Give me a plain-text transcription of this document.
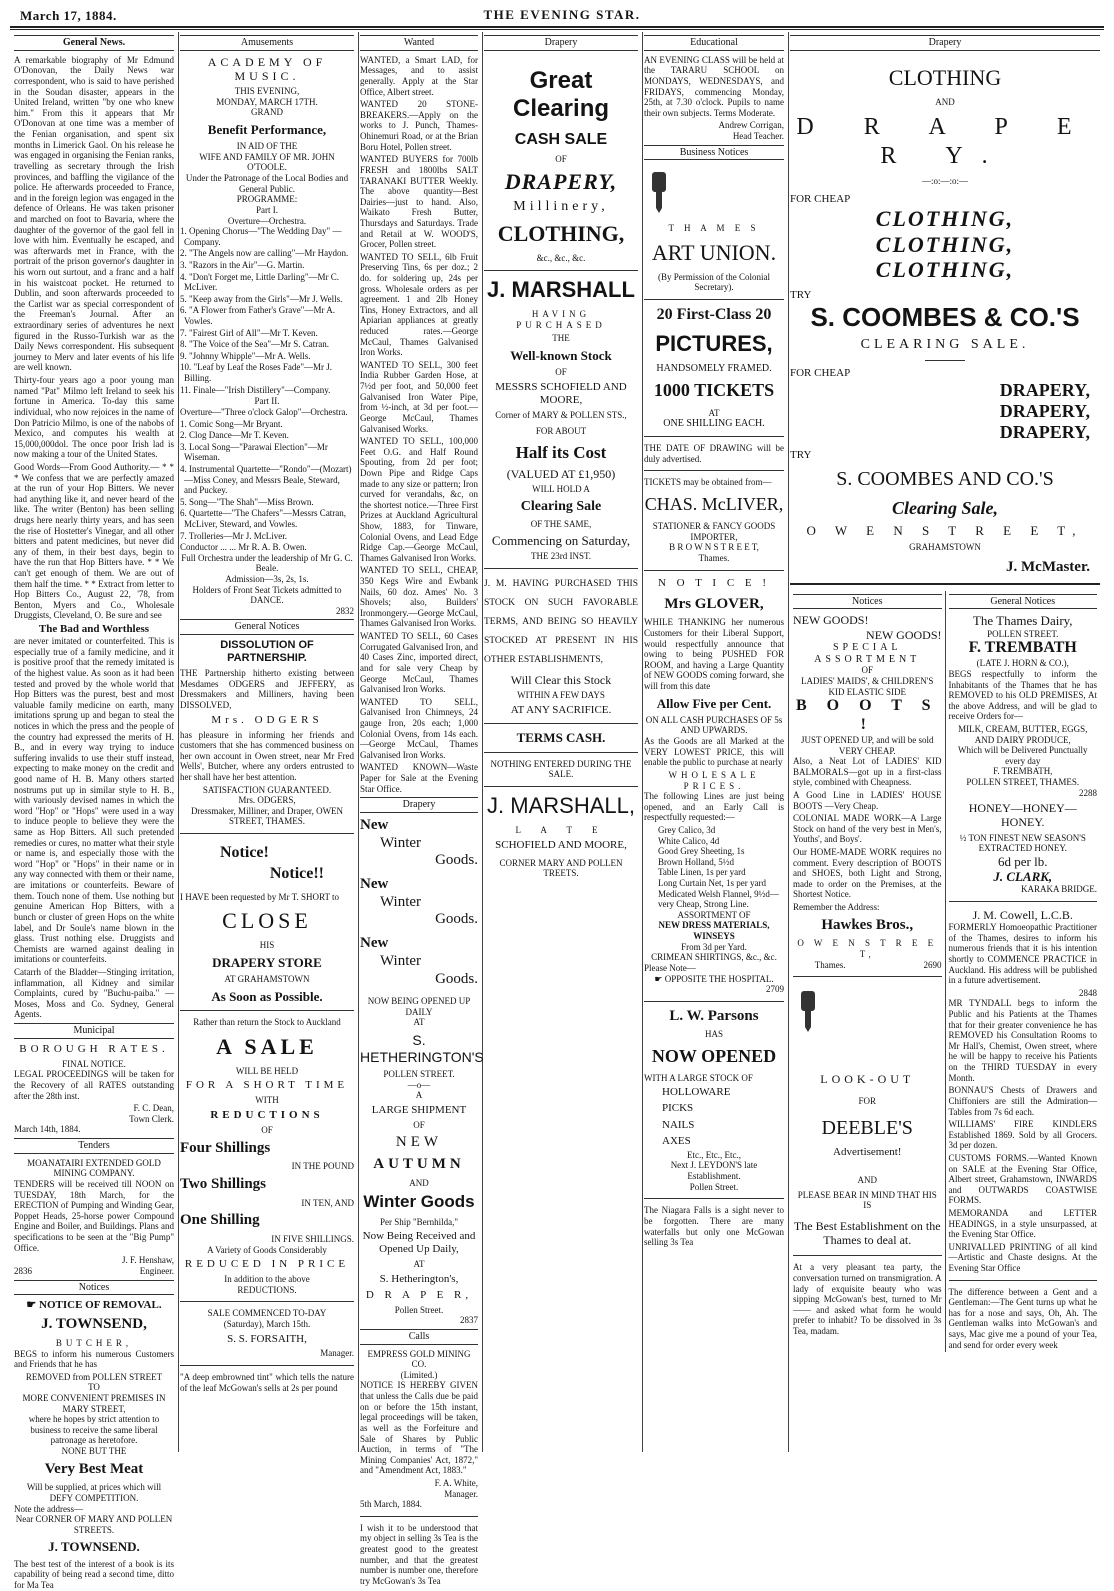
March 17, 1884.	THE EVENING STAR.
General News.

A remarkable biography of Mr Edmund O'Donovan, the Daily News war correspondent, who is said to have perished in the Soudan disaster, appears in the United Ireland, written "by one who knew him." From this it appears that Mr O'Donovan at one time was a member of the Fenian organisation, and spent six months in Limerick Gaol. On his release he was engaged in organising the Fenian ranks, travelling as secretary through the Irish provinces, and baffling the vigilance of the police. He afterwards proceeded to France, and in the foreign legion was engaged in the defence of Orleans. He was taken prisoner and marched on foot to Bavaria, where the daughter of the governor of the gaol fell in love with him. Eventually he escaped, and was afterwards met in France, with the portrait of the prison governor's daughter in his worn out surtout, and a franc and a half in his waistcoat pocket. He returned to Dublin, and soon afterwards proceeded to the Carlist war as special correspondent of the Freeman's Journal. After an extraordinary series of adventures he next figured in the Russo-Turkish war as the Daily News correspondent. His subsequent journey to Merv and later events of his life are well known.

Thirty-four years ago a poor young man named "Pat" Milmo left Ireland to seek his fortune in America. To-day this same individual, who now rejoices in the name of Don Patricio Milmo, is one of the nabobs of Mexico, and computes his wealth at 15,000,000dol. The once poor Irish lad is now making a tour of the United States.

Good Words—From Good Authority.— * * * We confess that we are perfectly amazed at the run of your Hop Bitters. We never had anything like it, and never heard of the like. The writer (Benton) has been selling drugs here nearly thirty years, and has seen the rise of Hostetter's Vinegar, and all other bitters and patent medicines, but never did any of them, in their best days, begin to have the run that Hop Bitters have. * * We can't get enough of them. We are out of them half the time. * * Extract from letter to Hop Bitters Co., August 22, '78, from Benton, Myers and Co., Wholesale Druggists, Cleveland, O. Be sure and see

The Bad and Worthless

are never imitated or counterfeited. This is especially true of a family medicine, and it is positive proof that the remedy imitated is of the highest value. As soon as it had been tested and proved by the whole world that Hop Bitters was the purest, best and most valuable family medicine on earth, many imitations sprung up and began to steal the notices in which the press and the people of the country had expressed the merits of H. B., and in every way trying to induce suffering invalids to use their stuff instead, expecting to make money on the credit and good name of H. B. Many others started nostrums put up in similar style to H. B., with variously devised names in which the word "Hop" or "Hops" were used in a way to induce people to believe they were the same as Hop Bitters. All such pretended remedies or cures, no matter what their style or name is, and especially those with the word "Hop" or "Hops" in their name or in any way connected with them or their name, are imitations or counterfeits. Beware of them. Touch none of them. Use nothing but genuine American Hop Bitters, with a bunch or cluster of green Hops on the white label, and Dr Soule's name blown in the glass. Trust nothing else. Druggists and Chemists are warned against dealing in imitations or counterfeits.

Catarrh of the Bladder—Stinging irritation, inflammation, all Kidney and similar Complaints, cured by "Buchu-paiba." —Moses, Moss and Co. Sydney, General Agents.

Municipal
BOROUGH RATES.
FINAL NOTICE.

LEGAL PROCEEDINGS will be taken for the Recovery of all RATES outstanding after the 28th inst.

F. C. Dean,
Town Clerk.
March 14th, 1884.
Tenders
MOANATAIRI EXTENDED GOLD MINING COMPANY.

TENDERS will be received till NOON on TUESDAY, 18th March, for the ERECTION of Pumping and Winding Gear, Poppet Heads, 25-horse power Compound Engine and Boiler, and Buildings. Plans and specifications to be seen at the "Big Pump" Office.

J. F. Henshaw,
2836	Engineer.
Notices
☛ NOTICE OF REMOVAL.
J. TOWNSEND,
BUTCHER,

BEGS to inform his numerous Customers and Friends that he has

REMOVED from POLLEN STREET
TO
MORE CONVENIENT PREMISES IN MARY STREET,
where he hopes by strict attention to business to receive the same liberal patronage as heretofore.
NONE BUT THE
Very Best Meat
Will be supplied, at prices which will DEFY COMPETITION.
Note the address—
Near CORNER OF MARY AND POLLEN STREETS.
J. TOWNSEND.

The best test of the interest of a book is its capability of being read a second time, ditto for Ma Tea

Amusements
ACADEMY OF MUSIC.
THIS EVENING,
MONDAY, MARCH 17TH.
GRAND
Benefit Performance,
IN AID OF THE
WIFE AND FAMILY OF MR. JOHN O'TOOLE.
Under the Patronage of the Local Bodies and General Public.
PROGRAMME:
Part I.
Overture—Orchestra.
1. Opening Chorus—"The Wedding Day" —Company.
2. "The Angels now are calling"—Mr Haydon.
3. "Razors in the Air"—G. Martin.
4. "Don't Forget me, Little Darling"—Mr C. McLiver.
5. "Keep away from the Girls"—Mr J. Wells.
6. "A Flower from Father's Grave"—Mr A. Vowles.
7. "Fairest Girl of All"—Mr T. Keven.
8. "The Voice of the Sea"—Mr S. Catran.
9. "Johnny Whipple"—Mr A. Wells.
10. "Leaf by Leaf the Roses Fade"—Mr J. Billing.
11. Finale—"Irish Distillery"—Company.
Part II.
Overture—"Three o'clock Galop"—Orchestra.
1. Comic Song—Mr Bryant.
2. Clog Dance—Mr T. Keven.
3. Local Song—"Parawai Election"—Mr Wiseman.
4. Instrumental Quartette—"Rondo"—(Mozart)—Miss Coney, and Messrs Beale, Steward, and Puckey.
5. Song—"The Shah"—Miss Brown.
6. Quartette—"The Chafers"—Messrs Catran, McLiver, Steward, and Vowles.
7. Trolleries—Mr J. McLiver.
Conductor ... ... Mr R. A. B. Owen.
Full Orchestra under the leadership of Mr G. C. Beale.
Admission—3s, 2s, 1s.
Holders of Front Seat Tickets admitted to DANCE.
2832
General Notices
DISSOLUTION OF PARTNERSHIP.

THE Partnership hitherto existing between Mesdames ODGERS and JEFFERY, as Dressmakers and Milliners, having been DISSOLVED,

Mrs. ODGERS

has pleasure in informing her friends and customers that she has commenced business on her own account in Owen street, near Mr Fred Wells', Butcher, where any orders entrusted to her shall have her best attention.

SATISFACTION GUARANTEED.
Mrs. ODGERS,
Dressmaker, Milliner, and Draper, OWEN STREET, THAMES.
Notice!
Notice!!

I HAVE been requested by Mr T. SHORT to

CLOSE
HIS
DRAPERY STORE
AT GRAHAMSTOWN
As Soon as Possible.
Rather than return the Stock to Auckland
A SALE
WILL BE HELD
FOR A SHORT TIME
WITH
REDUCTIONS
OF
Four Shillings
IN THE POUND
Two Shillings
IN TEN, AND
One Shilling
IN FIVE SHILLINGS.
A Variety of Goods Considerably
REDUCED IN PRICE
In addition to the above
REDUCTIONS.
SALE COMMENCED TO-DAY
(Saturday), March 15th.
S. S. FORSAITH,
Manager.

"A deep embrowned tint" which tells the nature of the leaf McGowan's sells at 2s per pound

Wanted

WANTED, a Smart LAD, for Messages, and to assist generally. Apply at the Star Office, Albert street.

WANTED 20 STONE-BREAKERS.—Apply on the works to J. Punch, Thames-Ohinemuri Road, or at the Brian Boru Hotel, Pollen street.

WANTED BUYERS for 700lb FRESH and 1800lbs SALT TARANAKI BUTTER Weekly. The above quantity—Best Dairies—just to hand. Also, Waikato Fresh Butter, Thursdays and Saturdays. Trade and Retail at W. WOOD'S, Grocer, Pollen street.

WANTED TO SELL, 6lb Fruit Preserving Tins, 6s per doz.; 2 do. for soldering up, 24s per gross. Wholesale orders as per agreement. 1 and 2lb Honey Tins, Honey Extractors, and all Apiarian appliances at greatly reduced rates.—George McCaul, Thames Galvanised Iron Works.

WANTED TO SELL, 300 feet India Rubber Garden Hose, at 7½d per foot, and 50,000 feet Galvanised Iron Water Pipe, from ½-inch, at 3d per foot.—George McCaul, Thames Galvanised Works.

WANTED TO SELL, 100,000 Feet O.G. and Half Round Spouting, from 2d per foot; Down Pipe and Ridge Caps made to any size or pattern; Iron curved for verandahs, &c, on the shortest notice.—Three First Prizes at Auckland Agricultural Show, 1883, for Tinware, Colonial Ovens, and Lead Edge Ridge Cap.—George McCaul, Thames Galvanised Iron Works.

WANTED TO SELL, CHEAP, 350 Kegs Wire and Ewbank Nails, 60 doz. Ames' No. 3 Shovels; also, Builders' Ironmongery.—George McCaul, Thames Galvanised Iron Works.

WANTED TO SELL, 60 Cases Corrugated Galvanised Iron, and 40 Cases Zinc, imported direct, and for sale very Cheap by George McCaul, Thames Galvanised Iron Works.

WANTED TO SELL, Galvanised Iron Chimneys, 24 gauge Iron, 20s each; 1,000 Colonial Ovens, from 14s each.—George McCaul, Thames Galvanised Iron Works.

WANTED KNOWN—Waste Paper for Sale at the Evening Star Office.

Drapery
New
Winter
Goods.
New
Winter
Goods.
New
Winter
Goods.
NOW BEING OPENED UP DAILY
AT
S. HETHERINGTON'S
POLLEN STREET.
—o—
A
LARGE SHIPMENT
OF
NEW
AUTUMN
AND
Winter Goods
Per Ship "Bernhilda,"
Now Being Received and Opened Up Daily,
AT
S. Hetherington's,
D R A P E R,
Pollen Street.
2837
Calls
EMPRESS GOLD MINING CO.
(Limited.)

NOTICE IS HEREBY GIVEN that unless the Calls due be paid on or before the 15th instant, legal proceedings will be taken, as well as the Forfeiture and Sale of Shares by Public Auction, in terms of "The Mining Companies' Act, 1872," and "Amendment Act, 1883."

F. A. White,
Manager.
5th March, 1884.

I wish it to be understood that my object in selling 3s Tea is the greatest good to the greatest number, and that the greatest number is number one, therefore try McGowan's 3s Tea

Drapery
Great Clearing
CASH SALE
OF
DRAPERY,
Millinery,
CLOTHING,
&c., &c., &c.
J. MARSHALL
HAVING PURCHASED
THE
Well-known Stock
OF
MESSRS SCHOFIELD AND MOORE,
Corner of MARY & POLLEN STS.,
FOR ABOUT
Half its Cost
(VALUED AT £1,950)
WILL HOLD A
Clearing Sale
OF THE SAME,
Commencing on Saturday,
THE 23rd INST.

J. M. HAVING PURCHASED THIS STOCK ON SUCH FAVORABLE TERMS, AND BEING SO HEAVILY STOCKED AT PRESENT IN HIS OTHER ESTABLISHMENTS,

Will Clear this Stock
WITHIN A FEW DAYS
AT ANY SACRIFICE.
TERMS CASH.
NOTHING ENTERED DURING THE SALE.
J. MARSHALL,
L A T E
SCHOFIELD AND MOORE,
CORNER MARY AND POLLEN TREETS.
Educational

AN EVENING CLASS will be held at the TARARU SCHOOL on MONDAYS, WEDNESDAYS, and FRIDAYS, commencing Monday, 25th, at 7.30 o'clock. Pupils to name their own subjects. Terms Moderate.

Andrew Corrigan,
Head Teacher.
Business Notices
T H A M E S
ART UNION.
(By Permission of the Colonial Secretary).
20 First-Class 20
PICTURES,
HANDSOMELY FRAMED.
1000 TICKETS
AT
ONE SHILLING EACH.

THE DATE OF DRAWING will be duly advertised.

TICKETS may be obtained from—
CHAS. McLIVER,
STATIONER & FANCY GOODS IMPORTER,
B R O W N S T R E E T,
Thames.
N O T I C E !
Mrs GLOVER,

WHILE THANKING her numerous Customers for their Liberal Support, would respectfully announce that owing to being PUSHED FOR ROOM, and having a Large Quantity of NEW GOODS coming forward, she will from this date

Allow Five per Cent.
ON ALL CASH PURCHASES OF 5s AND UPWARDS.

As the Goods are all Marked at the VERY LOWEST PRICE, this will enable the public to purchase at nearly

WHOLESALE PRICES.

The following Lines are just being opened, and an Early Call is respectfully requested:—

Grey Calico, 3d
White Calico, 4d
Good Grey Sheeting, 1s
Brown Holland, 5½d
Table Linen, 1s per yard
Long Curtain Net, 1s per yard
Medicated Welsh Flannel, 9½d—very Cheap, Strong Line.
ASSORTMENT OF
NEW DRESS MATERIALS, WINSEYS
From 3d per Yard.
CRIMEAN SHIRTINGS, &c., &c.
Please Note—
☛ OPPOSITE THE HOSPITAL.
2709
L. W. Parsons
HAS
NOW OPENED
WITH A LARGE STOCK OF
HOLLOWARE
PICKS
NAILS
AXES
Etc., Etc., Etc.,
Next J. LEYDON'S late Establishment.
Pollen Street.

The Niagara Falls is a sight never to be forgotten. There are many waterfalls but only one McGowan selling 3s Tea

Drapery
CLOTHING
AND
D R A P E R Y.
—:o:—:o:—
FOR CHEAP
CLOTHING,
CLOTHING,
CLOTHING,
TRY
S. COOMBES & CO.'S
CLEARING SALE.
FOR CHEAP
DRAPERY,
DRAPERY,
DRAPERY,
TRY
S. COOMBES AND CO.'S
Clearing Sale,
O W E N S T R E E T,
GRAHAMSTOWN
J. McMaster.
Notices
NEW GOODS!
NEW GOODS!
SPECIAL ASSORTMENT
OF
LADIES' MAIDS', & CHILDREN'S KID ELASTIC SIDE
B O O T S !
JUST OPENED UP, and will be sold VERY CHEAP.

Also, a Neat Lot of LADIES' KID BALMORALS—got up in a first-class style, combined with Cheapness.

A Good Line in LADIES' HOUSE BOOTS —Very Cheap.

COLONIAL MADE WORK—A Large Stock on hand of the very best in Men's, Youths', and Boys'.

Our HOME-MADE WORK requires no comment. Every description of BOOTS and SHOES, both Light and Strong, made to order on the Premises, at the Shortest Notice.

Remember the Address:
Hawkes Bros.,
O W E N S T R E E T,
Thames.	2690
LOOK-OUT
FOR
DEEBLE'S
Advertisement!
AND
PLEASE BEAR IN MIND THAT HIS IS
The Best Establishment on the Thames to deal at.

At a very pleasant tea party, the conversation turned on transmigration. A lady of exquisite beauty who was sipping McGowan's best, turned to Mr —— and asked what form he would prefer to inhabit? To be dissolved in 3s Tea, madam.

General Notices
The Thames Dairy,
POLLEN STREET.
F. TREMBATH
(LATE J. HORN & CO.),

BEGS respectfully to inform the Inhabitants of the Thames that he has REMOVED to his OLD PREMISES, At the above Address, and will be glad to receive Orders for—

MILK, CREAM, BUTTER, EGGS, AND DAIRY PRODUCE,
Which will be Delivered Punctually every day
F. TREMBATH,
POLLEN STREET, THAMES.
2288
HONEY—HONEY—HONEY.
½ TON FINEST NEW SEASON'S EXTRACTED HONEY.
6d per lb.
J. CLARK,
KARAKA BRIDGE.
J. M. Cowell, L.C.B.

FORMERLY Homoeopathic Practitioner of the Thames, desires to inform his numerous friends that it is his intention shortly to COMMENCE PRACTICE in Auckland. His address will be published in a future advertisement.

2848

MR TYNDALL begs to inform the Public and his Patients at the Thames that for their greater convenience he has REMOVED his Consultation Rooms to Mr Hall's, Chemist, Owen street, where he will be happy to receive his Patients on the THIRD TUESDAY in every Month.

BONNAU'S Chests of Drawers and Chiffoniers are still the Admiration—Tables from 7s 6d each.

WILLIAMS' FIRE KINDLERS Established 1869. Sold by all Grocers. 3d per dozen.

CUSTOMS FORMS.—Wanted Known on SALE at the Evening Star Office, Albert street, Grahamstown, INWARDS and OUTWARDS COASTWISE FORMS.

MEMORANDA and LETTER HEADINGS, in a style unsurpassed, at the Evening Star Office.

UNRIVALLED PRINTING of all kind —Artistic and Chaste designs. At the Evening Star Office

The difference between a Gent and a Gentleman:—The Gent turns up what he has for a nose and says, Oh, Ah. The Gentleman walks into McGowan's and says, Mac give me a pound of your Tea, and send for order every week
